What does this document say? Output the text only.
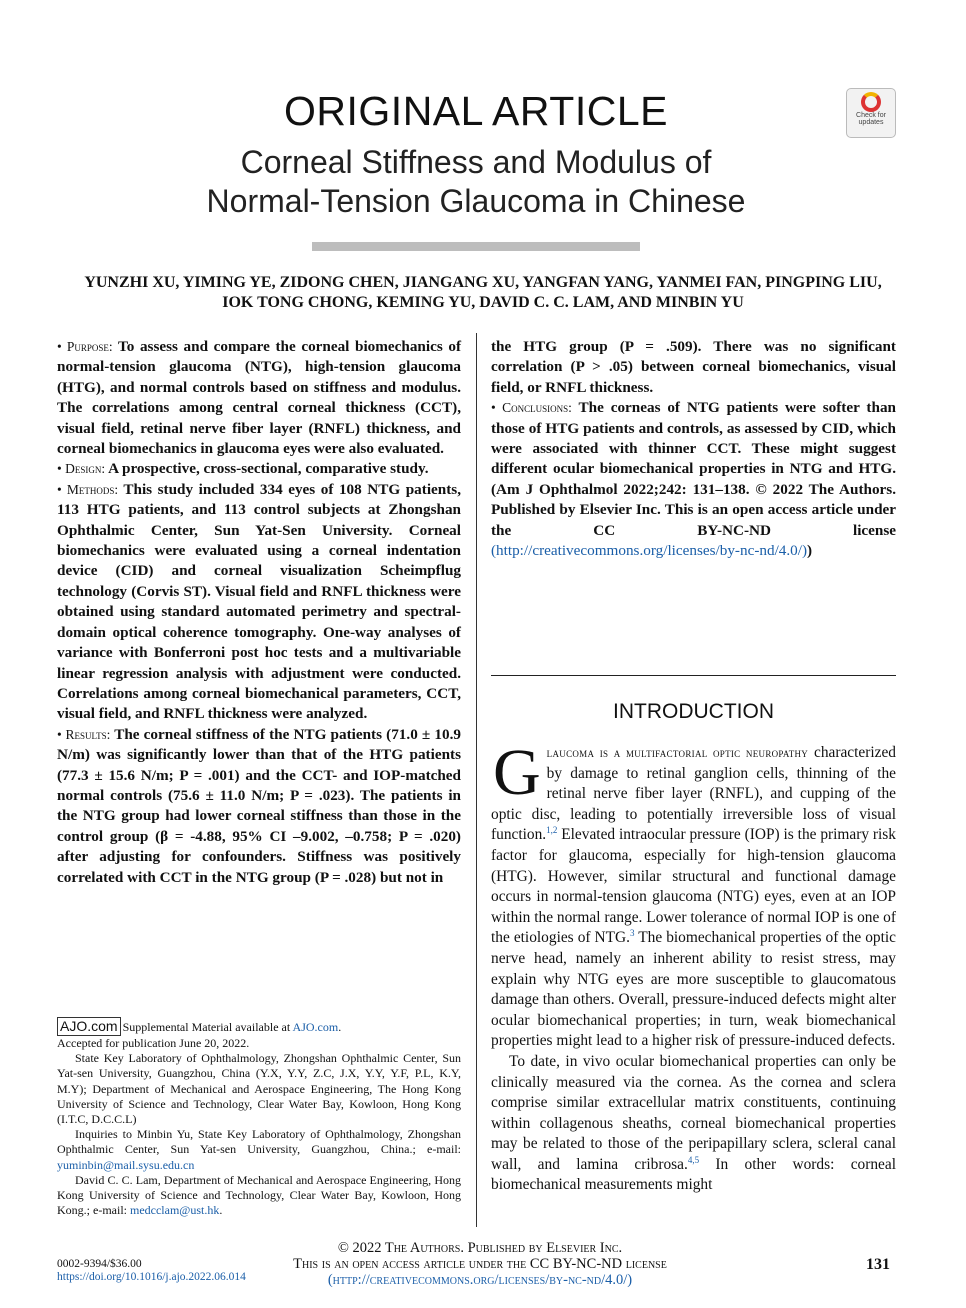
ORIGINAL ARTICLE
Corneal Stiffness and Modulus of
Normal-Tension Glaucoma in Chinese
Check for
updates
YUNZHI XU, YIMING YE, ZIDONG CHEN, JIANGANG XU, YANGFAN YANG, YANMEI FAN, PINGPING LIU,
IOK TONG CHONG, KEMING YU, DAVID C. C. LAM, AND MINBIN YU

• Purpose: To assess and compare the corneal biomechanics of normal-tension glaucoma (NTG), high-tension glaucoma (HTG), and normal controls based on stiffness and modulus. The correlations among central corneal thickness (CCT), visual field, retinal nerve fiber layer (RNFL) thickness, and corneal biomechanics in glaucoma eyes were also evaluated.

• Design: A prospective, cross-sectional, comparative study.

• Methods: This study included 334 eyes of 108 NTG patients, 113 HTG patients, and 113 control subjects at Zhongshan Ophthalmic Center, Sun Yat-Sen University. Corneal biomechanics were evaluated using a corneal indentation device (CID) and corneal visualization Scheimpflug technology (Corvis ST). Visual field and RNFL thickness were obtained using standard automated perimetry and spectral-domain optical coherence tomography. One-way analyses of variance with Bonferroni post hoc tests and a multivariable linear regression analysis with adjustment were conducted. Correlations among corneal biomechanical parameters, CCT, visual field, and RNFL thickness were analyzed.

• Results: The corneal stiffness of the NTG patients (71.0 ± 10.9 N/m) was significantly lower than that of the HTG patients (77.3 ± 15.6 N/m; P = .001) and the CCT- and IOP-matched normal controls (75.6 ± 11.0 N/m; P = .023). The patients in the NTG group had lower corneal stiffness than those in the control group (β = -4.88, 95% CI –9.002, –0.758; P = .020) after adjusting for confounders. Stiffness was positively correlated with CCT in the NTG group (P = .028) but not in

the HTG group (P = .509). There was no significant correlation (P > .05) between corneal biomechanics, visual field, or RNFL thickness.

• Conclusions: The corneas of NTG patients were softer than those of HTG patients and controls, as assessed by CID, which were associated with thinner CCT. These might suggest different ocular biomechanical properties in NTG and HTG. (Am J Ophthalmol 2022;242: 131–138. © 2022 The Authors. Published by Elsevier Inc. This is an open access article under the CC BY-NC-ND license (http://creativecommons.org/licenses/by-nc-nd/4.0/))

INTRODUCTION

Glaucoma is a multifactorial optic neuropathy characterized by damage to retinal ganglion cells, thinning of the retinal nerve fiber layer (RNFL), and cupping of the optic disc, leading to potentially irreversible loss of visual function.$^{1,2}$ Elevated intraocular pressure (IOP) is the primary risk factor for glaucoma, especially for high-tension glaucoma (HTG). However, similar structural and functional damage occurs in normal-tension glaucoma (NTG) eyes, even at an IOP within the normal range. Lower tolerance of normal IOP is one of the etiologies of NTG.$^3$ The biomechanical properties of the optic nerve head, namely an inherent ability to resist stress, may explain why NTG eyes are more susceptible to glaucomatous damage than others. Overall, pressure-induced defects might alter ocular biomechanical properties; in turn, weak biomechanical properties might lead to a higher risk of pressure-induced defects.

To date, in vivo ocular biomechanical properties can only be clinically measured via the cornea. As the cornea and sclera comprise similar extracellular matrix constituents, continuing within collagenous sheaths, corneal biomechanical properties may be related to those of the peripapillary sclera, scleral canal wall, and lamina cribrosa.$^{4,5}$ In other words: corneal biomechanical measurements might

AJO.com Supplemental Material available at AJO.com.

Accepted for publication June 20, 2022.

State Key Laboratory of Ophthalmology, Zhongshan Ophthalmic Center, Sun Yat-sen University, Guangzhou, China (Y.X, Y.Y, Z.C, J.X, Y.Y, Y.F, P.L, K.Y, M.Y); Department of Mechanical and Aerospace Engineering, The Hong Kong University of Science and Technology, Clear Water Bay, Kowloon, Hong Kong (I.T.C, D.C.C.L)

Inquiries to Minbin Yu, State Key Laboratory of Ophthalmology, Zhongshan Ophthalmic Center, Sun Yat-sen University, Guangzhou, China.; e-mail: yuminbin@mail.sysu.edu.cn

David C. C. Lam, Department of Mechanical and Aerospace Engineering, Hong Kong University of Science and Technology, Clear Water Bay, Kowloon, Hong Kong.; e-mail: medcclam@ust.hk.

© 2022 The Authors. Published by Elsevier Inc.
This is an open access article under the CC BY-NC-ND license
(http://creativecommons.org/licenses/by-nc-nd/4.0/)
0002-9394/$36.00
https://doi.org/10.1016/j.ajo.2022.06.014
131
